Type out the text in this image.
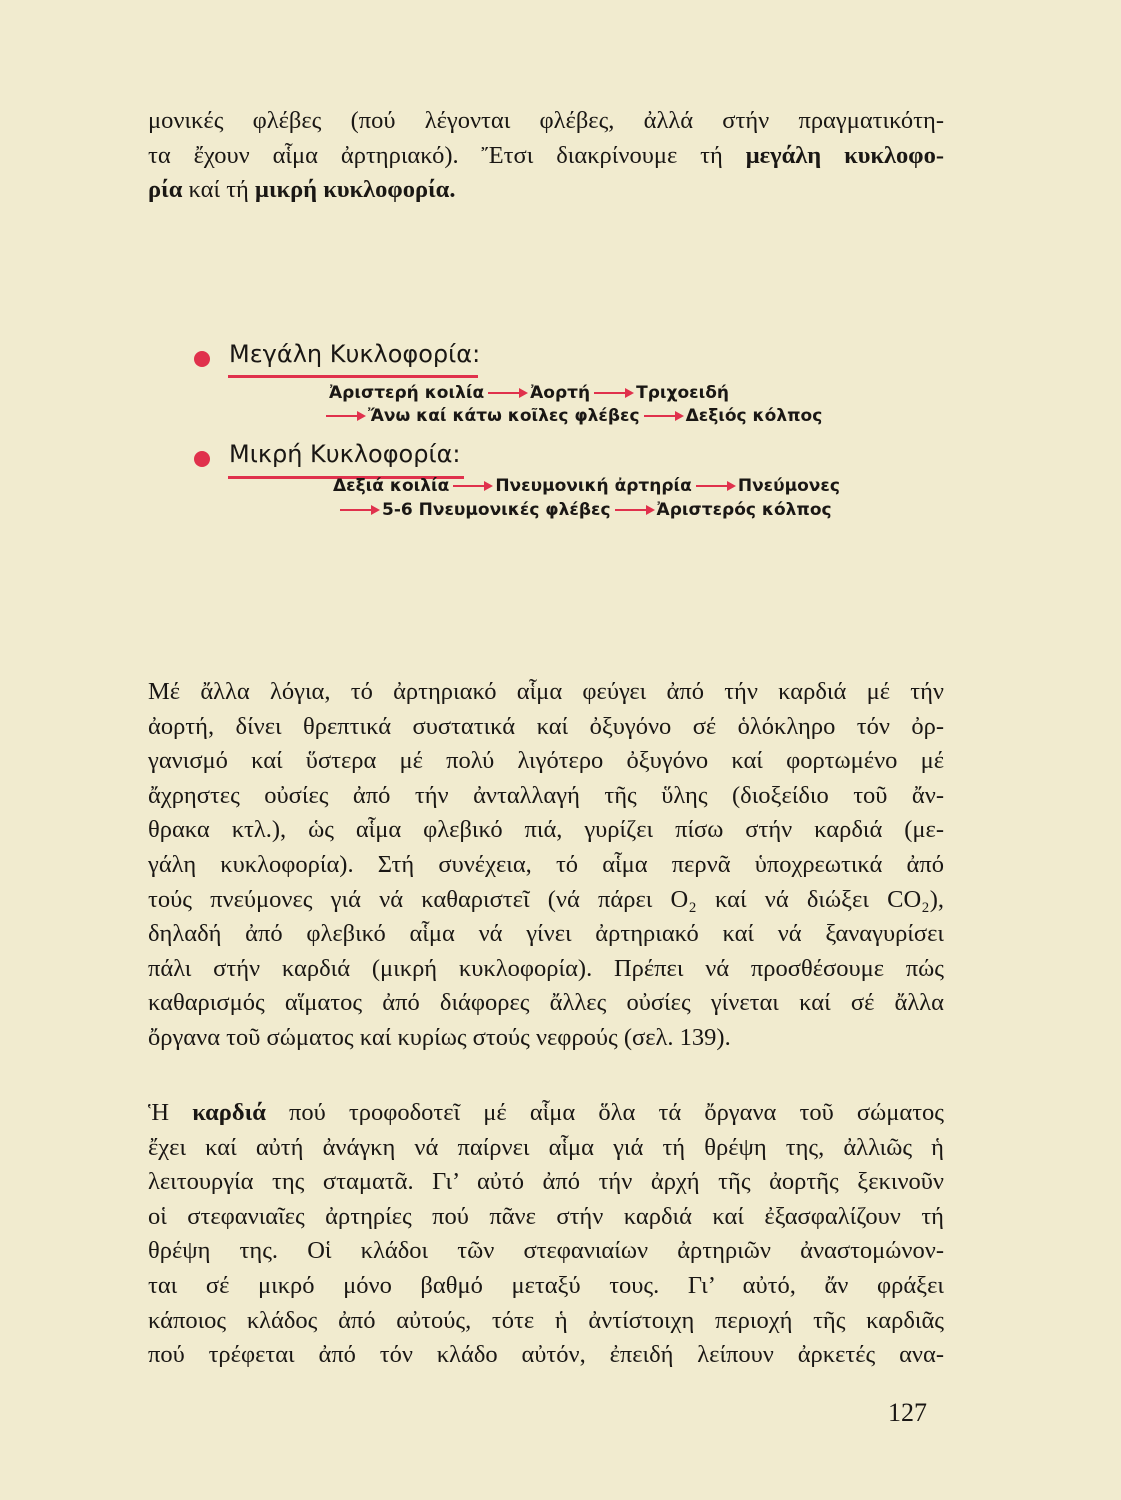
μονικές φλέβες (πού λέγονται φλέβες, ἀλλά στήν πραγματικότη-
τα ἔχουν αἷμα ἀρτηριακό). Ἔτσι διακρίνουμε τή μεγάλη κυκλοφο-
ρία καί τή μικρή κυκλοφορία.
Μεγάλη Κυκλοφορία:
Ἀριστερή κοιλία	Ἀορτή	Τριχοειδή
Ἄνω καί κάτω κοῖλες φλέβες	Δεξιός κόλπος
Μικρή Κυκλοφορία:
Δεξιά κοιλία	Πνευμονική ἀρτηρία	Πνεύμονες
5-6 Πνευμονικές φλέβες	Ἀριστερός κόλπος
Μέ ἄλλα λόγια, τό ἀρτηριακό αἷμα φεύγει ἀπό τήν καρδιά μέ τήν
ἀορτή, δίνει θρεπτικά συστατικά καί ὀξυγόνο σέ ὁλόκληρο τόν ὀρ-
γανισμό καί ὕστερα μέ πολύ λιγότερο ὀξυγόνο καί φορτωμένο μέ
ἄχρηστες οὐσίες ἀπό τήν ἀνταλλαγή τῆς ὕλης (διοξείδιο τοῦ ἄν-
θρακα κτλ.), ὡς αἷμα φλεβικό πιά, γυρίζει πίσω στήν καρδιά (με-
γάλη κυκλοφορία). Στή συνέχεια, τό αἷμα περνᾶ ὑποχρεωτικά ἀπό
τούς πνεύμονες γιά νά καθαριστεῖ (νά πάρει O₂ καί νά διώξει CO₂),
δηλαδή ἀπό φλεβικό αἷμα νά γίνει ἀρτηριακό καί νά ξαναγυρίσει
πάλι στήν καρδιά (μικρή κυκλοφορία). Πρέπει νά προσθέσουμε πώς
καθαρισμός αἵματος ἀπό διάφορες ἄλλες οὐσίες γίνεται καί σέ ἄλλα
ὄργανα τοῦ σώματος καί κυρίως στούς νεφρούς (σελ. 139).
Ἡ καρδιά πού τροφοδοτεῖ μέ αἷμα ὅλα τά ὄργανα τοῦ σώματος
ἔχει καί αὐτή ἀνάγκη νά παίρνει αἷμα γιά τή θρέψη της, ἀλλιῶς ἡ
λειτουργία της σταματᾶ. Γι’ αὐτό ἀπό τήν ἀρχή τῆς ἀορτῆς ξεκινοῦν
οἱ στεφανιαῖες ἀρτηρίες πού πᾶνε στήν καρδιά καί ἐξασφαλίζουν τή
θρέψη της. Οἱ κλάδοι τῶν στεφανιαίων ἀρτηριῶν ἀναστομώνον-
ται σέ μικρό μόνο βαθμό μεταξύ τους. Γι’ αὐτό, ἄν φράξει
κάποιος κλάδος ἀπό αὐτούς, τότε ἡ ἀντίστοιχη περιοχή τῆς καρδιᾶς
πού τρέφεται ἀπό τόν κλάδο αὐτόν, ἐπειδή λείπουν ἀρκετές ανα-
127
